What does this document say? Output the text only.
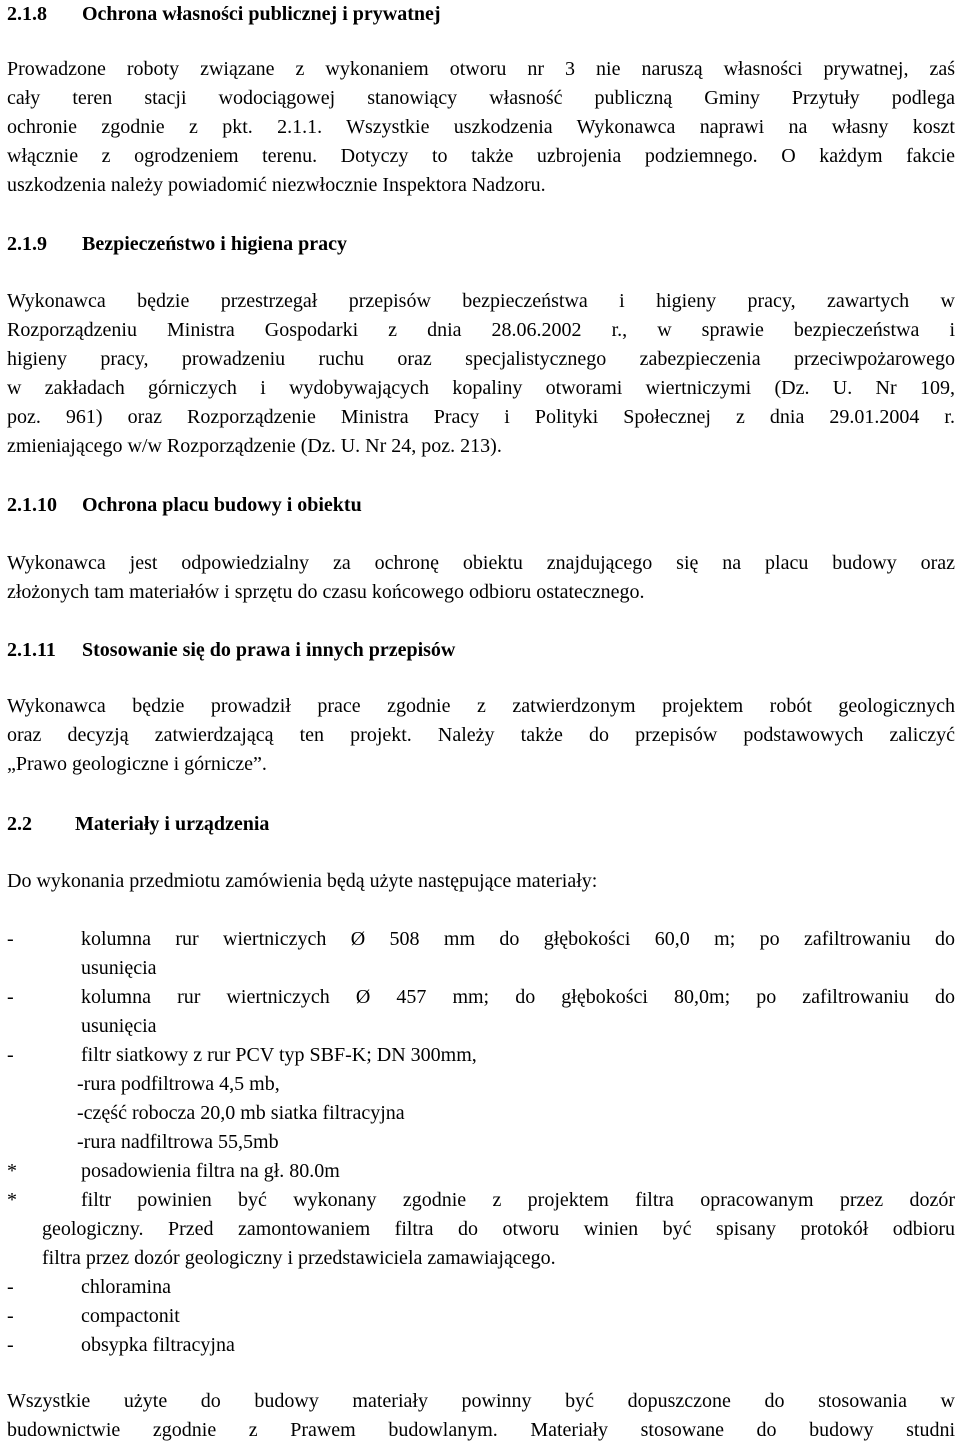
2.1.8 Ochrona własności publicznej i prywatnej
Prowadzone roboty związane z wykonaniem otworu nr 3 nie naruszą własności prywatnej, zaś
cały teren stacji wodociągowej stanowiący własność publiczną Gminy Przytuły podlega
ochronie zgodnie z pkt. 2.1.1. Wszystkie uszkodzenia Wykonawca naprawi na własny koszt
włącznie z ogrodzeniem terenu. Dotyczy to także uzbrojenia podziemnego. O każdym fakcie
uszkodzenia należy powiadomić niezwłocznie Inspektora Nadzoru.
2.1.9 Bezpieczeństwo i higiena pracy
Wykonawca będzie przestrzegał przepisów bezpieczeństwa i higieny pracy, zawartych w
Rozporządzeniu Ministra Gospodarki z dnia 28.06.2002 r., w sprawie bezpieczeństwa i
higieny pracy, prowadzeniu ruchu oraz specjalistycznego zabezpieczenia przeciwpożarowego
w zakładach górniczych i wydobywających kopaliny otworami wiertniczymi (Dz. U. Nr 109,
poz. 961) oraz Rozporządzenie Ministra Pracy i Polityki Społecznej z dnia 29.01.2004 r.
zmieniającego w/w Rozporządzenie (Dz. U. Nr 24, poz. 213).
2.1.10 Ochrona placu budowy i obiektu
Wykonawca jest odpowiedzialny za ochronę obiektu znajdującego się na placu budowy oraz
złożonych tam materiałów i sprzętu do czasu końcowego odbioru ostatecznego.
2.1.11 Stosowanie się do prawa i innych przepisów
Wykonawca będzie prowadził prace zgodnie z zatwierdzonym projektem robót geologicznych
oraz decyzją zatwierdzającą ten projekt. Należy także do przepisów podstawowych zaliczyć
„Prawo geologiczne i górnicze”.
2.2 Materiały i urządzenia
Do wykonania przedmiotu zamówienia będą użyte następujące materiały:
-	kolumna rur wiertniczych Ø 508 mm do głębokości 60,0 m; po zafiltrowaniu do
usunięcia
-	kolumna rur wiertniczych Ø 457 mm; do głębokości 80,0m; po zafiltrowaniu do
usunięcia
-	filtr siatkowy z rur PCV typ SBF-K; DN 300mm,
-rura podfiltrowa 4,5 mb,
-część robocza 20,0 mb siatka filtracyjna
-rura nadfiltrowa 55,5mb
*	posadowienia filtra na gł. 80.0m
*	filtr powinien być wykonany zgodnie z projektem filtra opracowanym przez dozór
geologiczny. Przed zamontowaniem filtra do otworu winien być spisany protokół odbioru
filtra przez dozór geologiczny i przedstawiciela zamawiającego.
-	chloramina
-	compactonit
-	obsypka filtracyjna
Wszystkie użyte do budowy materiały powinny być dopuszczone do stosowania w
budownictwie zgodnie z Prawem budowlanym. Materiały stosowane do budowy studni
